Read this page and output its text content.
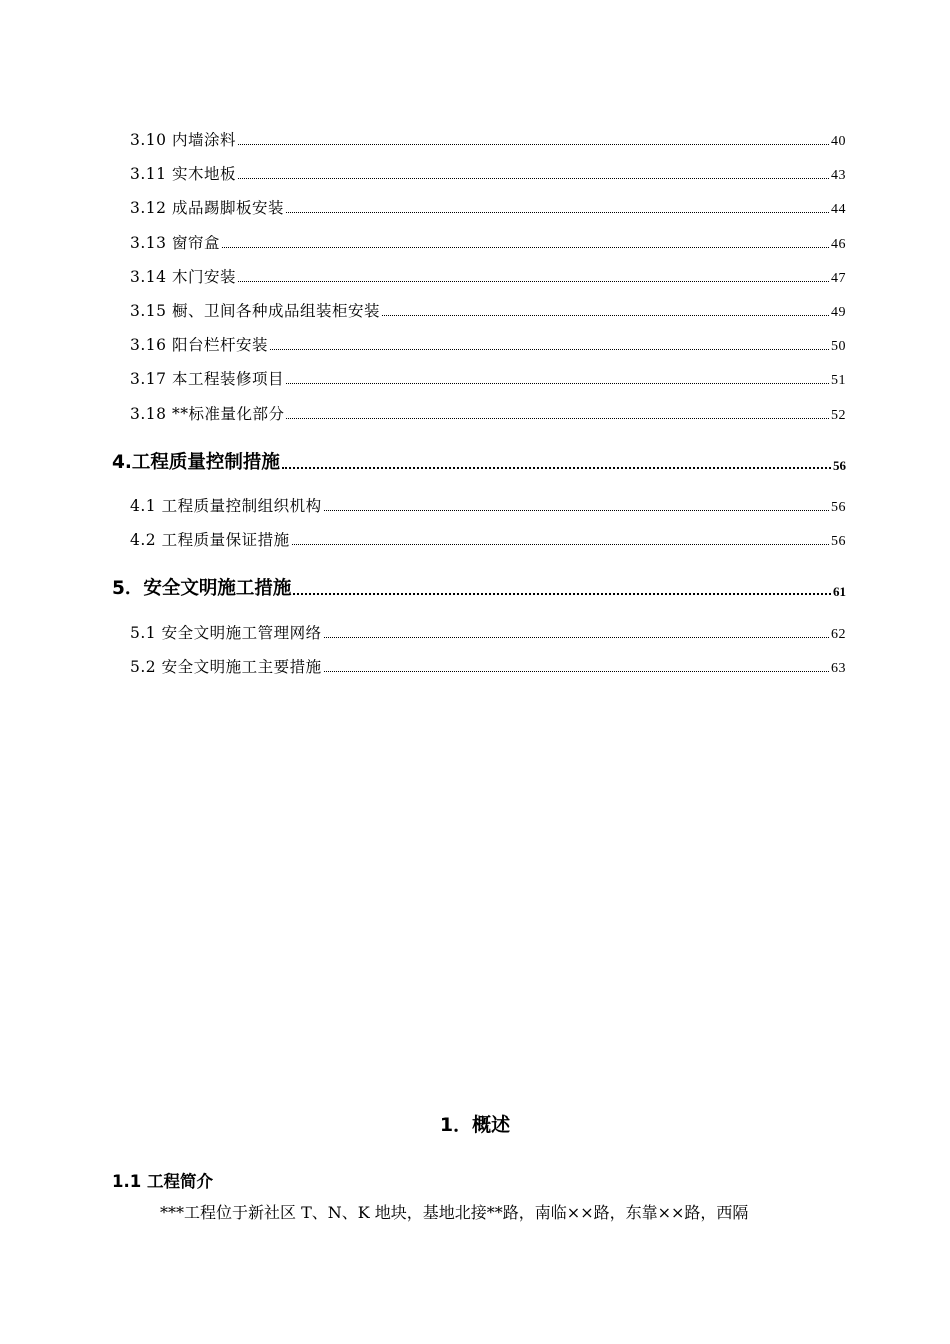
3.10 内墙涂料	40
3.11 实木地板	43
3.12 成品踢脚板安装	44
3.13 窗帘盒	46
3.14 木门安装	47
3.15 橱、卫间各种成品组装柜安装	49
3.16 阳台栏杆安装	50
3.17 本工程装修项目	51
3.18 **标准量化部分	52
4.工程质量控制措施	56
4.1 工程质量控制组织机构	56
4.2 工程质量保证措施	56
5．安全文明施工措施	61
5.1 安全文明施工管理网络	62
5.2 安全文明施工主要措施	63
1．概述
1.1 工程简介
***工程位于新社区 T、N、K 地块，基地北接**路，南临××路，东靠××路，西隔
